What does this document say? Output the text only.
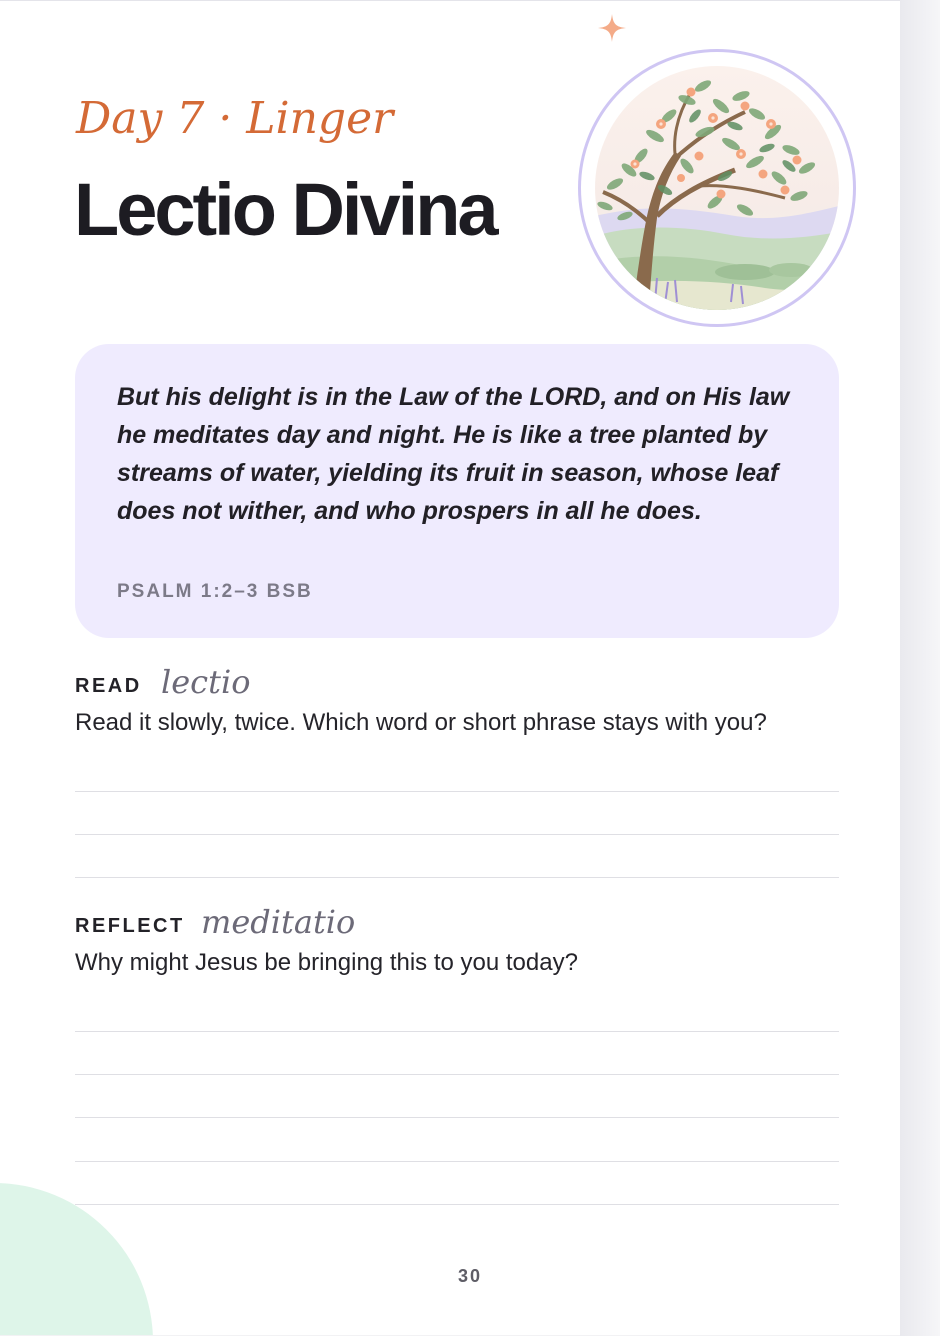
Day 7 · Linger
Lectio Divina

But his delight is in the Law of the LORD, and on His law he meditates day and night. He is like a tree planted by streams of water, yielding its fruit in season, whose leaf does not wither, and who prospers in all he does.

PSALM 1:2–3 BSB

READ lectio

Read it slowly, twice. Which word or short phrase stays with you?

REFLECT meditatio

Why might Jesus be bringing this to you today?

30
